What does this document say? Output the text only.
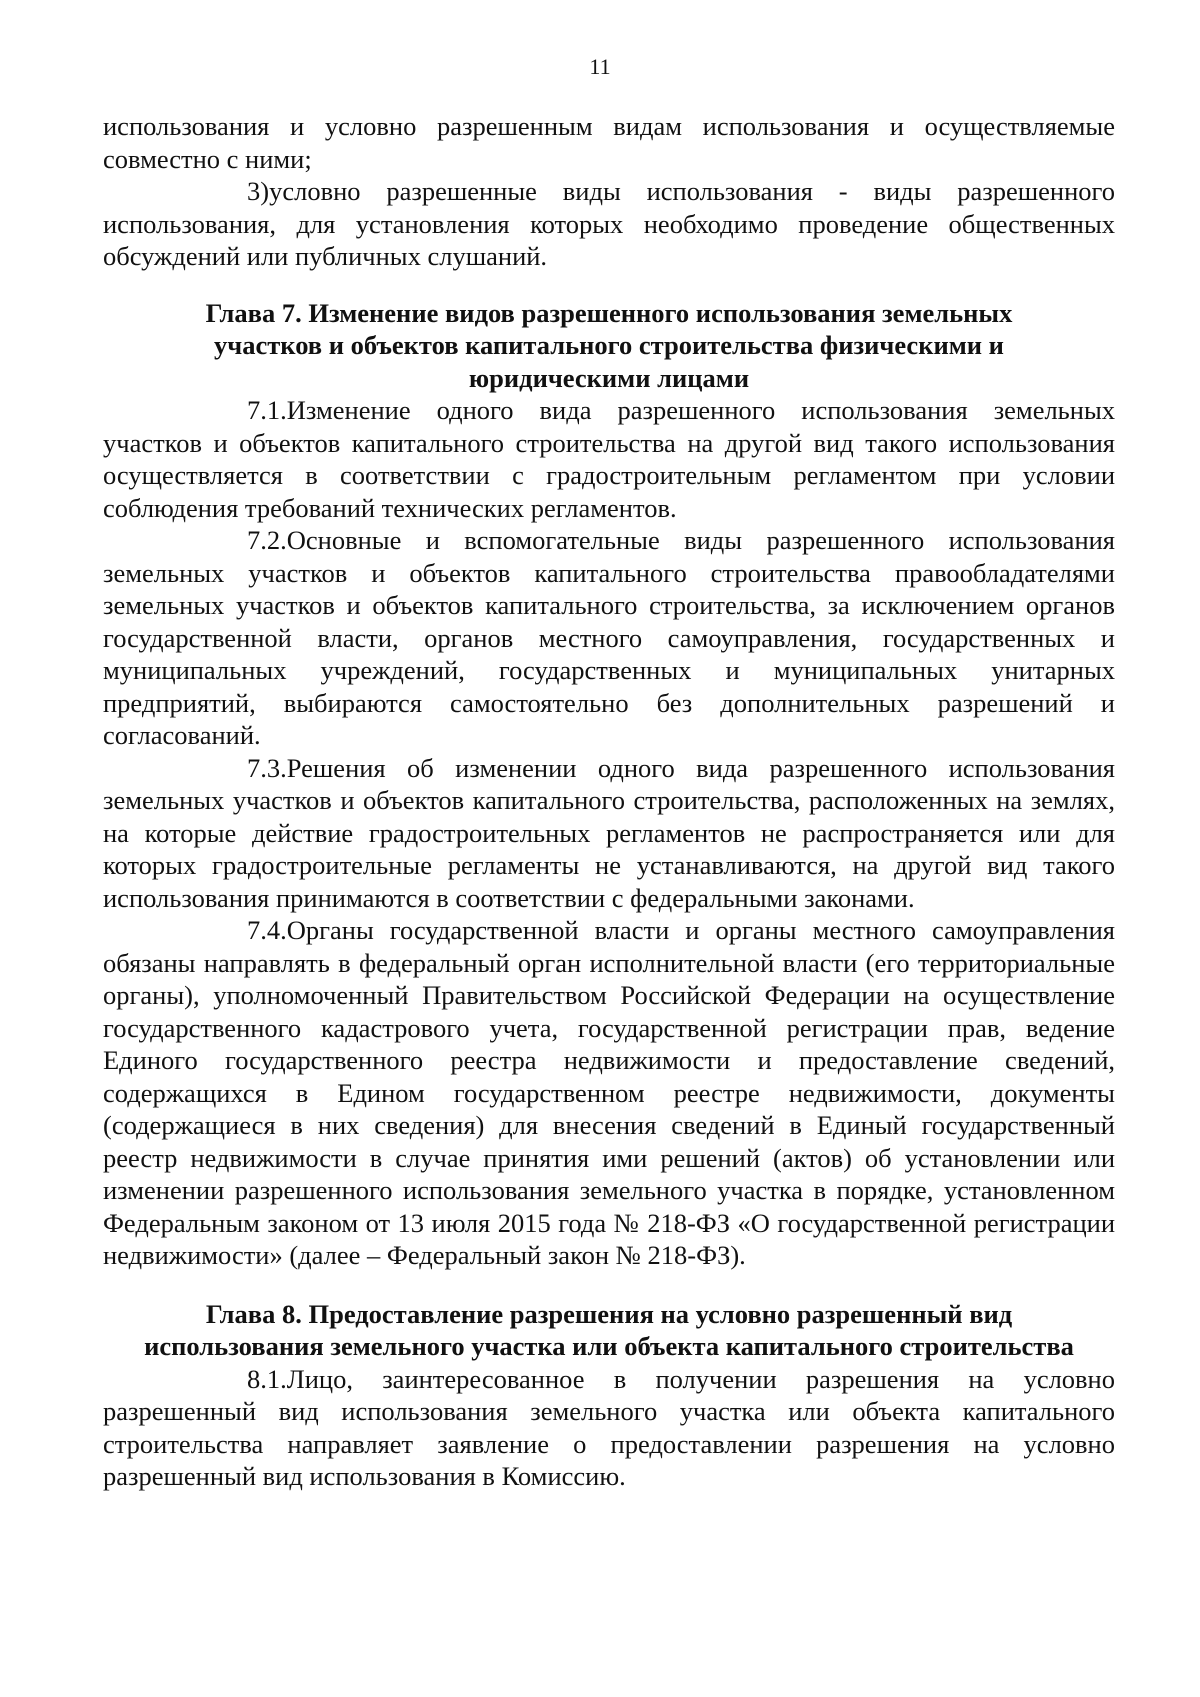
11

использования и условно разрешенным видам использования и осуществляемые совместно с ними;

3)условно разрешенные виды использования - виды разрешенного использования, для установления которых необходимо проведение общественных обсуждений или публичных слушаний.

Глава 7. Изменение видов разрешенного использования земельных
участков и объектов капитального строительства физическими и
юридическими лицами

7.1.Изменение одного вида разрешенного использования земельных участков и объектов капитального строительства на другой вид такого использования осуществляется в соответствии с градостроительным регламентом при условии соблюдения требований технических регламентов.

7.2.Основные и вспомогательные виды разрешенного использования земельных участков и объектов капитального строительства правообладателями земельных участков и объектов капитального строительства, за исключением органов государственной власти, органов местного самоуправления, государственных и муниципальных учреждений, государственных и муниципальных унитарных предприятий, выбираются самостоятельно без дополнительных разрешений и согласований.

7.3.Решения об изменении одного вида разрешенного использования земельных участков и объектов капитального строительства, расположенных на землях, на которые действие градостроительных регламентов не распространяется или для которых градостроительные регламенты не устанавливаются, на другой вид такого использования принимаются в соответствии с федеральными законами.

7.4.Органы государственной власти и органы местного самоуправления обязаны направлять в федеральный орган исполнительной власти (его территориальные органы), уполномоченный Правительством Российской Федерации на осуществление государственного кадастрового учета, государственной регистрации прав, ведение Единого государственного реестра недвижимости и предоставление сведений, содержащихся в Едином государственном реестре недвижимости, документы (содержащиеся в них сведения) для внесения сведений в Единый государственный реестр недвижимости в случае принятия ими решений (актов) об установлении или изменении разрешенного использования земельного участка в порядке, установленном Федеральным законом от 13 июля 2015 года № 218-ФЗ «О государственной регистрации недвижимости» (далее – Федеральный закон № 218-ФЗ).

Глава 8. Предоставление разрешения на условно разрешенный вид
использования земельного участка или объекта капитального строительства

8.1.Лицо, заинтересованное в получении разрешения на условно разрешенный вид использования земельного участка или объекта капитального строительства направляет заявление о предоставлении разрешения на условно разрешенный вид использования в Комиссию.
